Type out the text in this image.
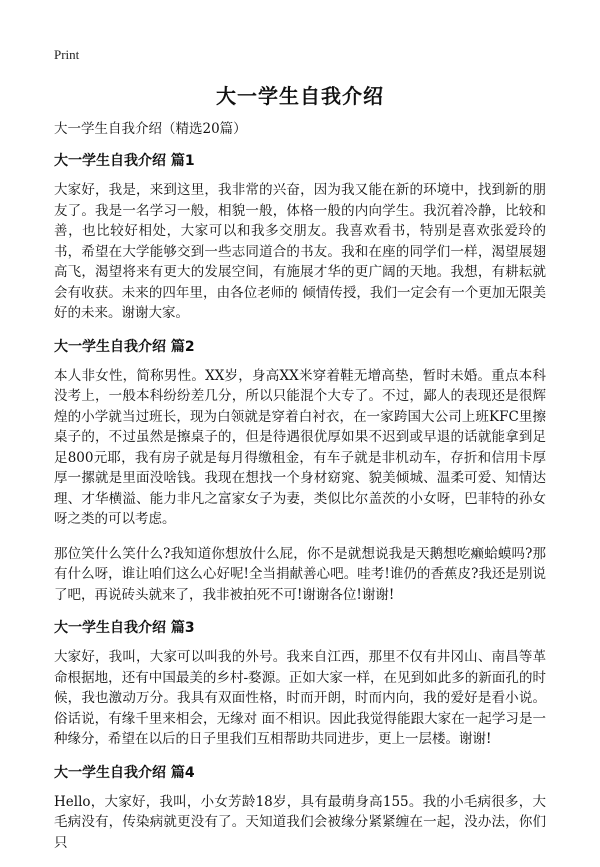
Print
大一学生自我介绍
大一学生自我介绍（精选20篇）
大一学生自我介绍 篇1

大家好，我是，来到这里，我非常的兴奋，因为我又能在新的环境中，找到新的朋友了。我是一名学习一般，相貌一般，体格一般的内向学生。我沉着冷静，比较和善，也比较好相处，大家可以和我多交朋友。我喜欢看书，特别是喜欢张爱玲的书，希望在大学能够交到一些志同道合的书友。我和在座的同学们一样，渴望展翅高飞，渴望将来有更大的发展空间，有施展才华的更广阔的天地。我想，有耕耘就会有收获。未来的四年里，由各位老师的 倾情传授，我们一定会有一个更加无限美好的未来。谢谢大家。

大一学生自我介绍 篇2

本人非女性，简称男性。XX岁，身高XX米穿着鞋无增高垫，暂时未婚。重点本科没考上，一般本科纷纷差几分，所以只能混个大专了。不过，鄙人的表现还是很辉煌的小学就当过班长，现为白领就是穿着白衬衣，在一家跨国大公司上班KFC里擦桌子的，不过虽然是擦桌子的，但是待遇很优厚如果不迟到或早退的话就能拿到足足800元耶，我有房子就是每月得缴租金，有车子就是非机动车，存折和信用卡厚厚一摞就是里面没啥钱。我现在想找一个身材窈窕、貌美倾城、温柔可爱、知情达理、才华横溢、能力非凡之富家女子为妻，类似比尔盖茨的小女呀，巴菲特的孙女呀之类的可以考虑。

那位笑什么笑什么?我知道你想放什么屁，你不是就想说我是天鹅想吃癞蛤蟆吗?那有什么呀，谁让咱们这么心好呢!全当捐献善心吧。哇考!谁仍的香蕉皮?我还是别说了吧，再说砖头就来了，我非被拍死不可!谢谢各位!谢谢!

大一学生自我介绍 篇3

大家好，我叫，大家可以叫我的外号。我来自江西，那里不仅有井冈山、南昌等革命根据地，还有中国最美的乡村-婺源。正如大家一样，在见到如此多的新面孔的时候，我也激动万分。我具有双面性格，时而开朗，时而内向，我的爱好是看小说。俗话说，有缘千里来相会，无缘对 面不相识。因此我觉得能跟大家在一起学习是一种缘分，希望在以后的日子里我们互相帮助共同进步，更上一层楼。谢谢!

大一学生自我介绍 篇4

Hello，大家好，我叫，小女芳龄18岁，具有最萌身高155。我的小毛病很多，大毛病没有，传染病就更没有了。天知道我们会被缘分紧紧缠在一起，没办法，你们只
